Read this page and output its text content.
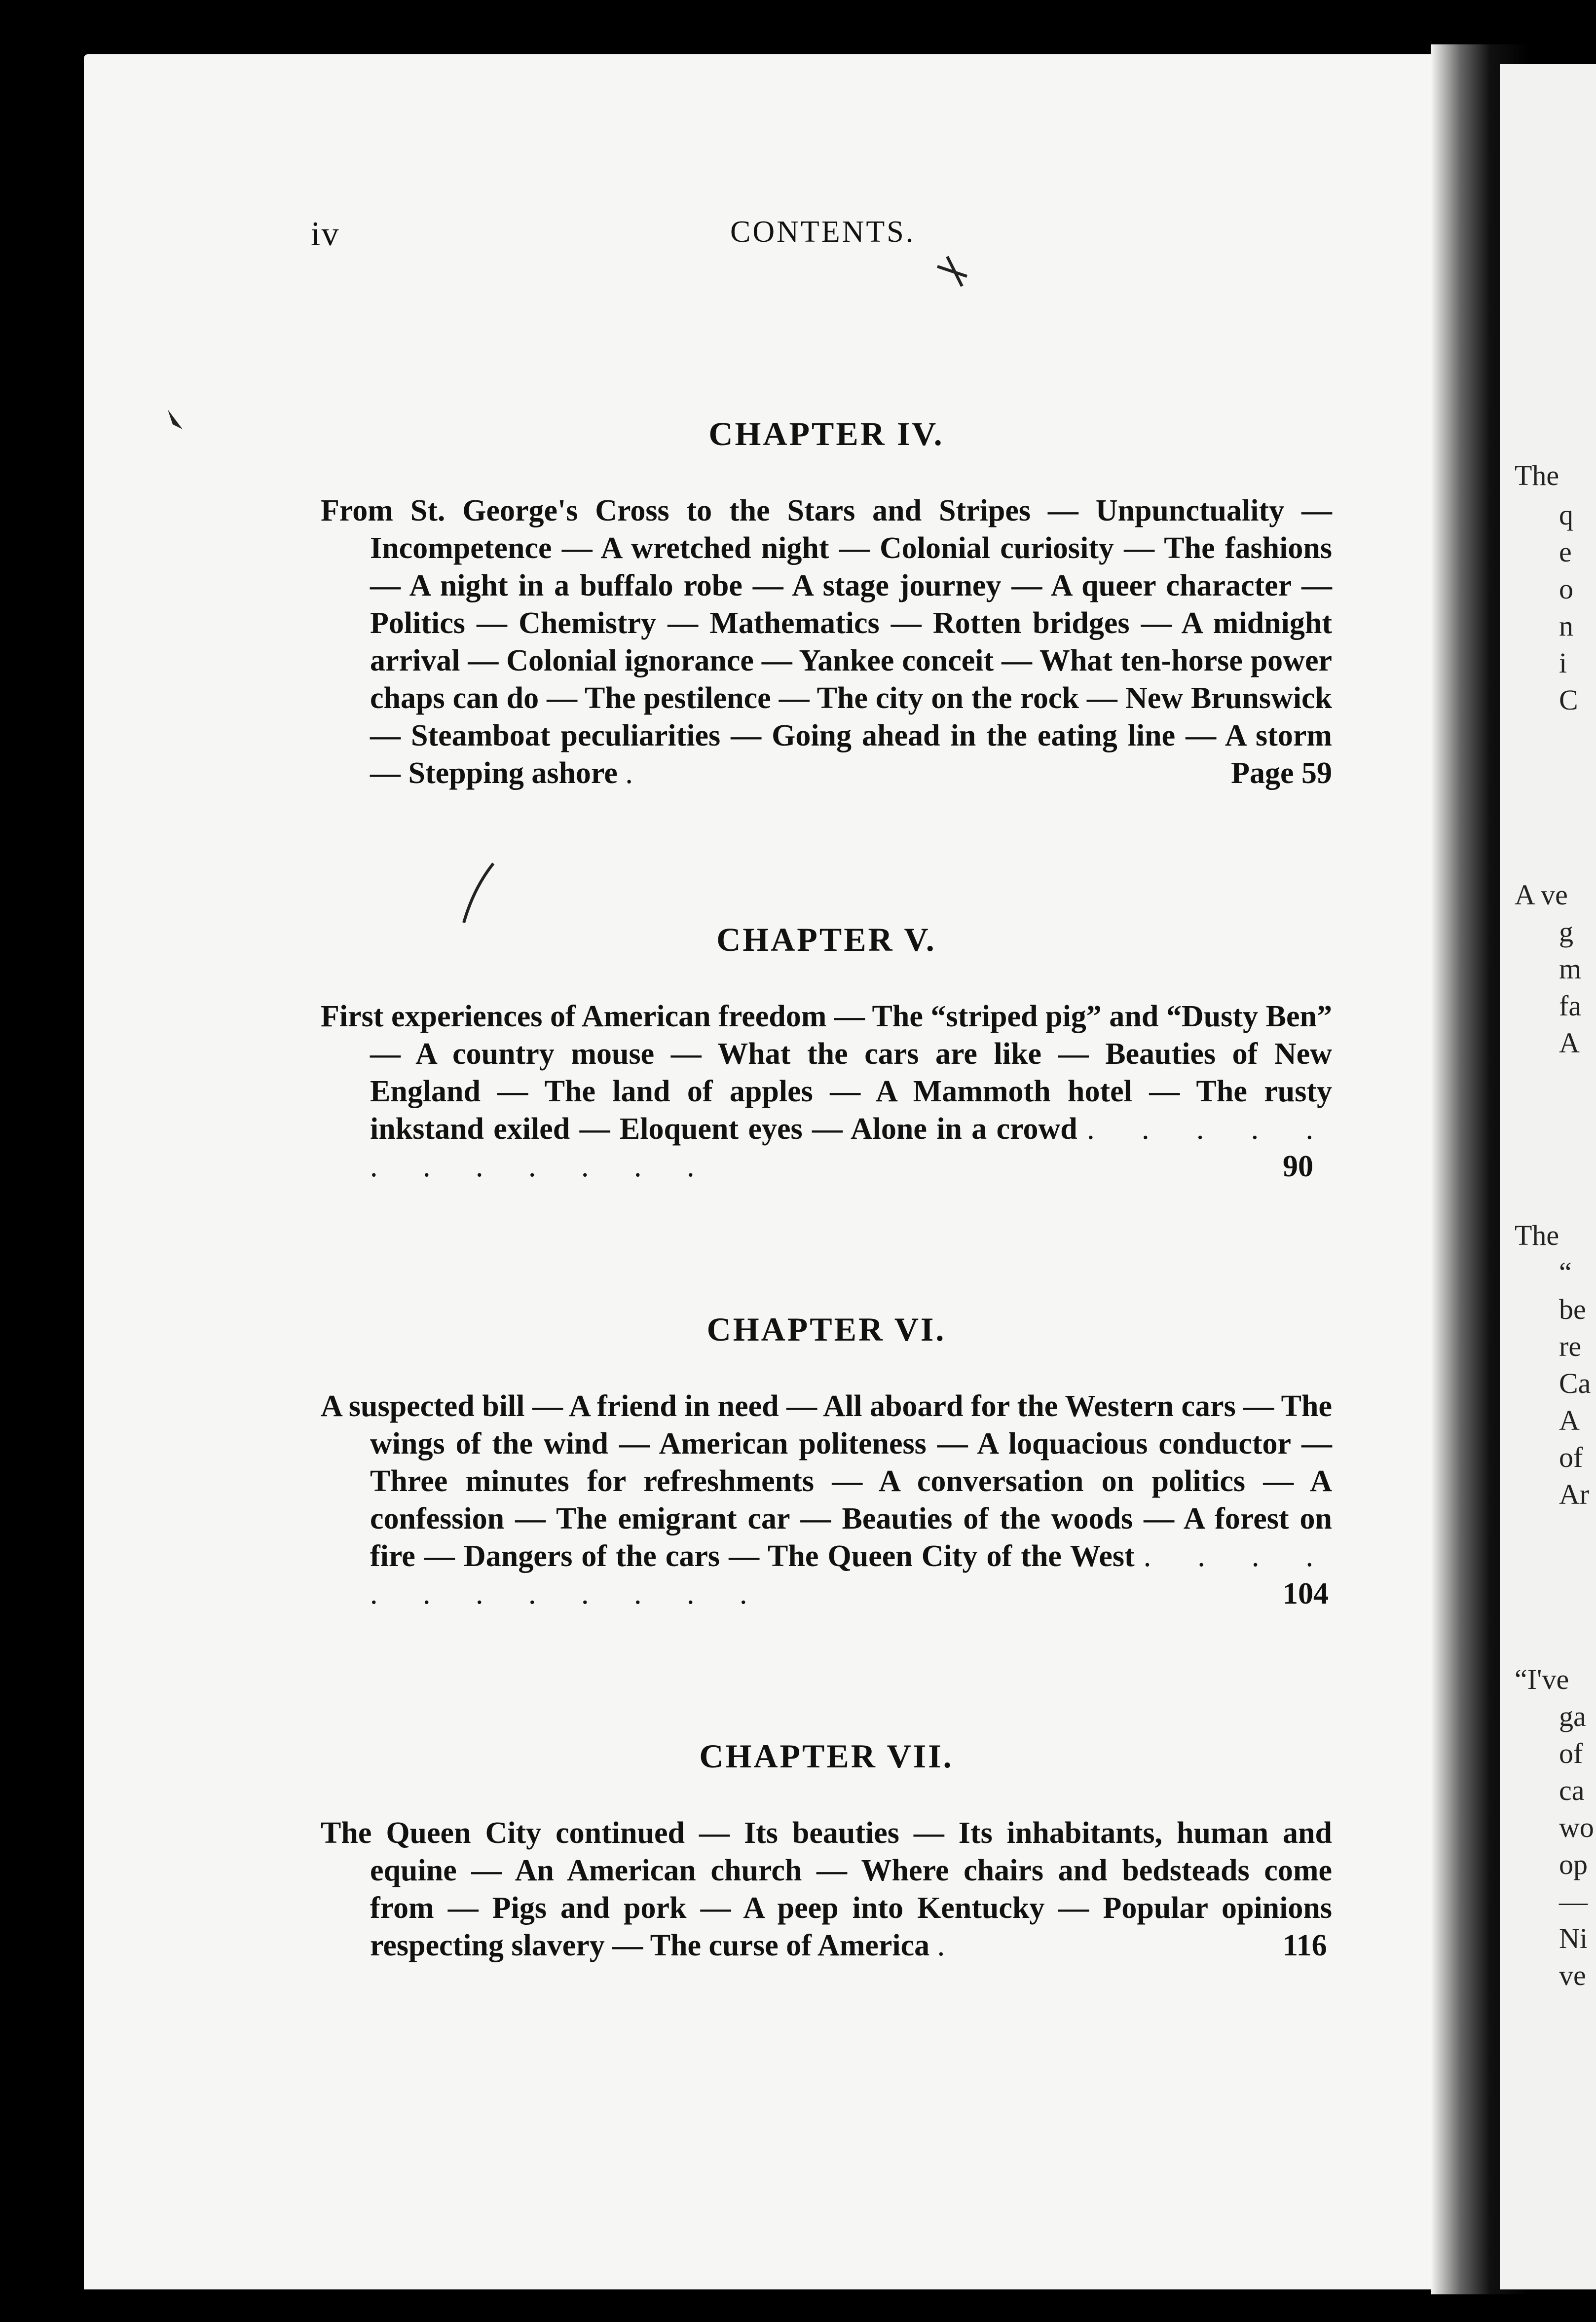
The
q
e
o
n
i
C
A ve
g
m
fa
A
The
“
be
re
Ca
A
of
Ar
“I've
ga
of
ca
wo
op
—
Ni
ve
iv	CONTENTS.
CHAPTER IV.

From St. George's Cross to the Stars and Stripes — Unpunctuality — Incompetence — A wretched night — Colonial curiosity — The fashions — A night in a buffalo robe — A stage journey — A queer character — Politics — Chemistry — Mathematics — Rotten bridges — A midnight arrival — Colonial ignorance — Yankee conceit — What ten-horse power chaps can do — The pestilence — The city on the rock — New Brunswick — Steamboat peculiarities — Going ahead in the eating line — A storm — Stepping ashore .	Page 59

CHAPTER V.

First experiences of American freedom — The “striped pig” and “Dusty Ben” — A country mouse — What the cars are like — Beauties of New England — The land of apples — A Mammoth hotel — The rusty inkstand exiled — Eloquent eyes — Alone in a crowd . . . . . . . . . . . .	90

CHAPTER VI.

A suspected bill — A friend in need — All aboard for the Western cars — The wings of the wind — American politeness — A loquacious conductor — Three minutes for refreshments — A conversation on politics — A confession — The emigrant car — Beauties of the woods — A forest on fire — Dangers of the cars — The Queen City of the West . . . . . . . . . . . .	104

CHAPTER VII.

The Queen City continued — Its beauties — Its inhabitants, human and equine — An American church — Where chairs and bedsteads come from — Pigs and pork — A peep into Kentucky — Popular opinions respecting slavery — The curse of America .	116
